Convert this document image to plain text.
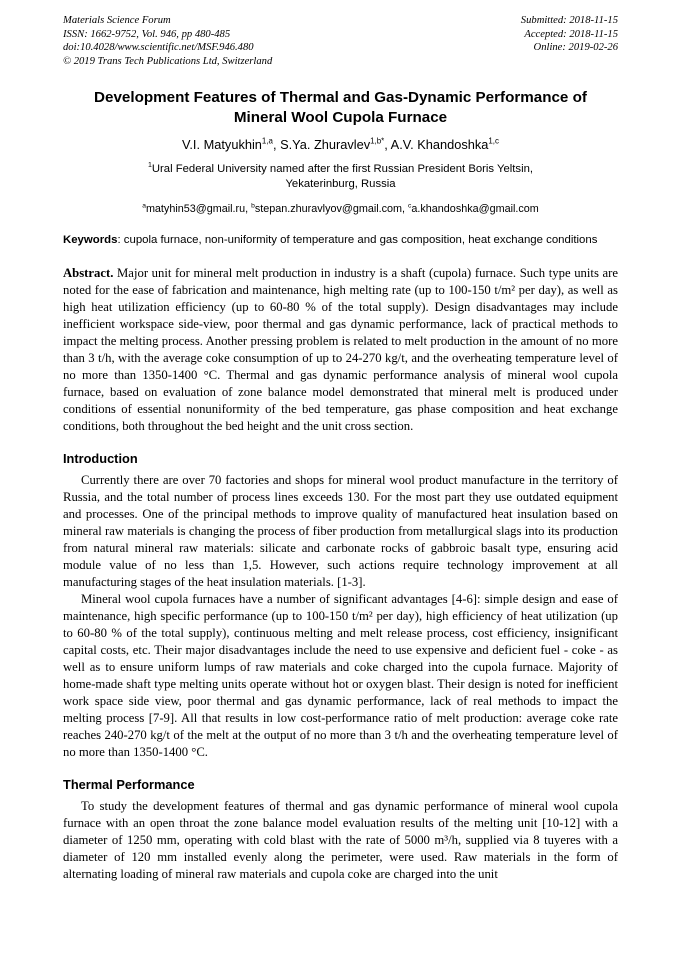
Materials Science Forum
ISSN: 1662-9752, Vol. 946, pp 480-485
doi:10.4028/www.scientific.net/MSF.946.480
© 2019 Trans Tech Publications Ltd, Switzerland
Submitted: 2018-11-15
Accepted: 2018-11-15
Online: 2019-02-26
Development Features of Thermal and Gas-Dynamic Performance of Mineral Wool Cupola Furnace
V.I. Matyukhin$^{1,a}$, S.Ya. Zhuravlev$^{1,b*}$, A.V. Khandoshka$^{1,c}$
$^1$Ural Federal University named after the first Russian President Boris Yeltsin, Yekaterinburg, Russia
$^a$matyhin53@gmail.ru, $^b$stepan.zhuravlyov@gmail.com, $^c$a.khandoshka@gmail.com

Keywords: cupola furnace, non-uniformity of temperature and gas composition, heat exchange conditions

Abstract. Major unit for mineral melt production in industry is a shaft (cupola) furnace. Such type units are noted for the ease of fabrication and maintenance, high melting rate (up to 100-150 t/m² per day), as well as high heat utilization efficiency (up to 60-80 % of the total supply). Design disadvantages may include inefficient workspace side-view, poor thermal and gas dynamic performance, lack of practical methods to impact the melting process. Another pressing problem is related to melt production in the amount of no more than 3 t/h, with the average coke consumption of up to 24-270 kg/t, and the overheating temperature level of no more than 1350-1400 °C. Thermal and gas dynamic performance analysis of mineral wool cupola furnace, based on evaluation of zone balance model demonstrated that mineral melt is produced under conditions of essential nonuniformity of the bed temperature, gas phase composition and heat exchange conditions, both throughout the bed height and the unit cross section.

Introduction

Currently there are over 70 factories and shops for mineral wool product manufacture in the territory of Russia, and the total number of process lines exceeds 130. For the most part they use outdated equipment and processes. One of the principal methods to improve quality of manufactured heat insulation based on mineral raw materials is changing the process of fiber production from metallurgical slags into its production from natural mineral raw materials: silicate and carbonate rocks of gabbroic basalt type, ensuring acid module value of no less than 1,5. However, such actions require technology improvement at all manufacturing stages of the heat insulation materials. [1-3].

Mineral wool cupola furnaces have a number of significant advantages [4-6]: simple design and ease of maintenance, high specific performance (up to 100-150 t/m² per day), high efficiency of heat utilization (up to 60-80 % of the total supply), continuous melting and melt release process, cost efficiency, insignificant capital costs, etc. Their major disadvantages include the need to use expensive and deficient fuel - coke - as well as to ensure uniform lumps of raw materials and coke charged into the cupola furnace. Majority of home-made shaft type melting units operate without hot or oxygen blast. Their design is noted for inefficient work space side view, poor thermal and gas dynamic performance, lack of real methods to impact the melting process [7-9]. All that results in low cost-performance ratio of melt production: average coke rate reaches 240-270 kg/t of the melt at the output of no more than 3 t/h and the overheating temperature level of no more than 1350-1400 °C.

Thermal Performance

To study the development features of thermal and gas dynamic performance of mineral wool cupola furnace with an open throat the zone balance model evaluation results of the melting unit [10-12] with a diameter of 1250 mm, operating with cold blast with the rate of 5000 m³/h, supplied via 8 tuyeres with a diameter of 120 mm installed evenly along the perimeter, were used. Raw materials in the form of alternating loading of mineral raw materials and cupola coke are charged into the unit
